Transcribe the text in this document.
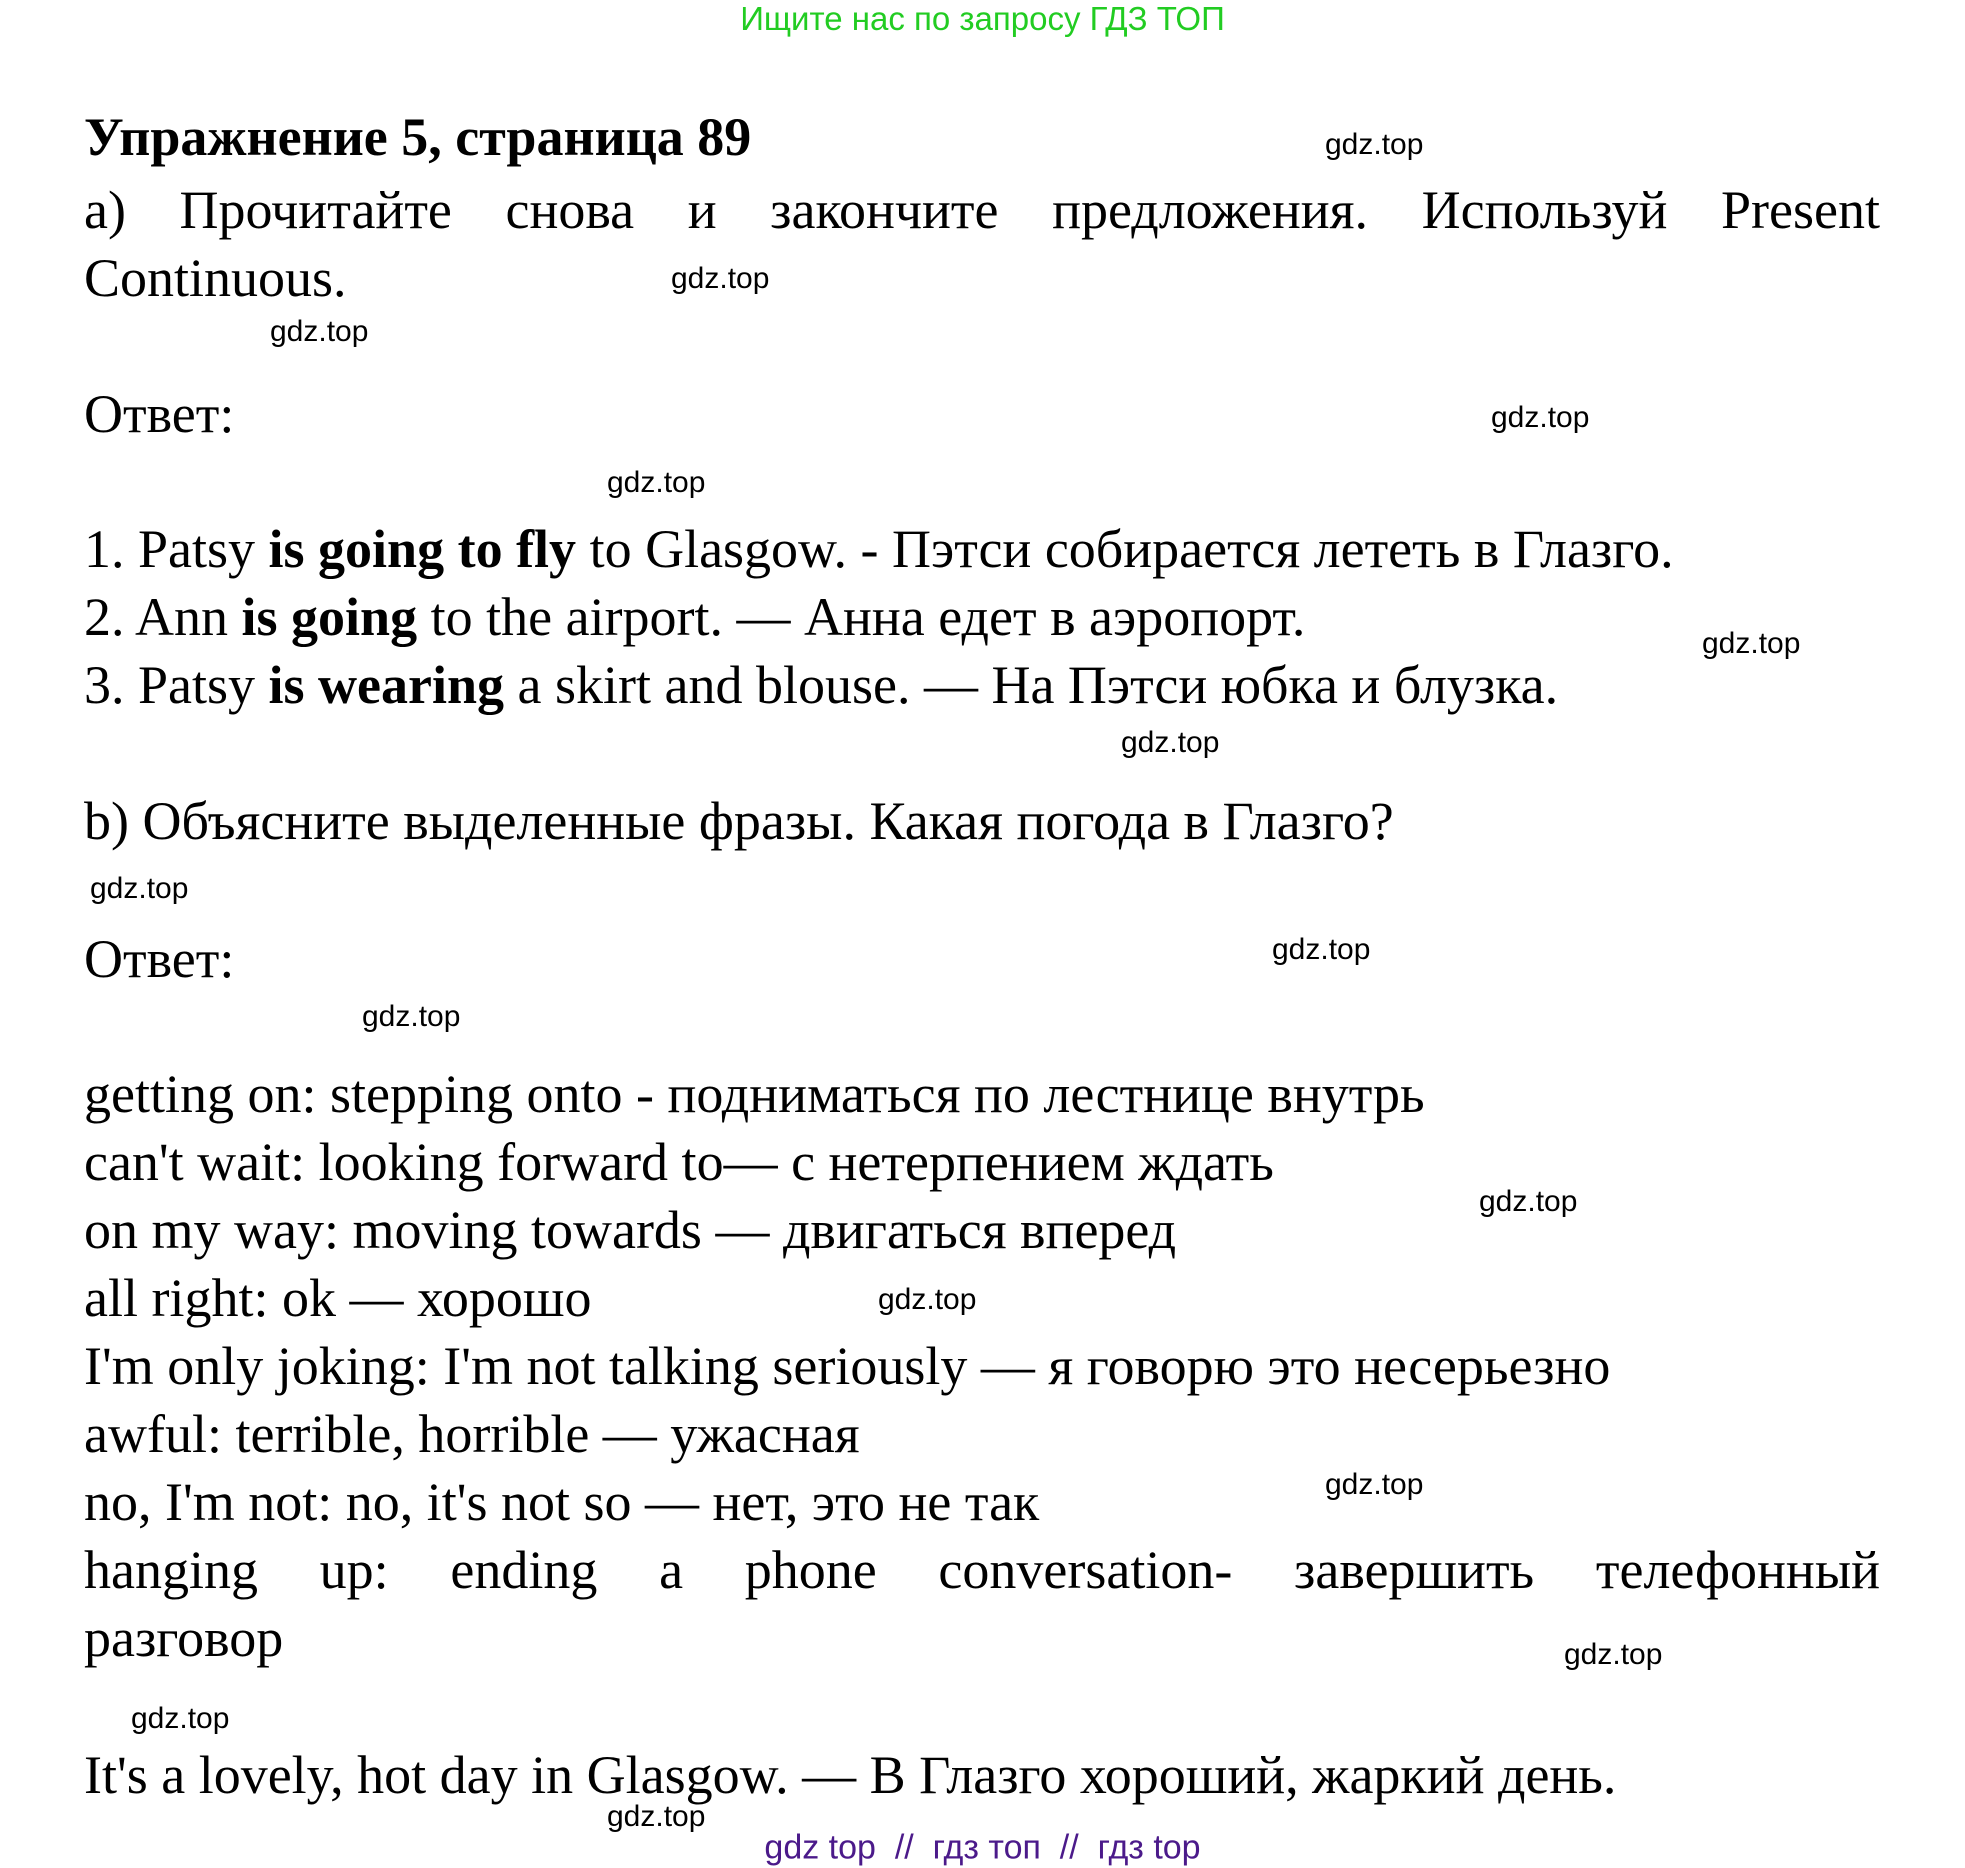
Ищите нас по запросу ГДЗ ТОП
Упражнение 5, страница 89
a) Прочитайте снова и закончите предложения. Используй Present
Continuous.
Ответ:
1. Patsy is going to fly to Glasgow. - Пэтси собирается лететь в Глазго.
2. Ann is going to the airport. — Анна едет в аэропорт.
3. Patsy is wearing a skirt and blouse. — На Пэтси юбка и блузка.
b) Объясните выделенные фразы. Какая погода в Глазго?
Ответ:
getting on: stepping onto - подниматься по лестнице внутрь
can't wait: looking forward to— с нетерпением ждать
on my way: moving towards — двигаться вперед
all right: ok — хорошо
I'm only joking: I'm not talking seriously — я говорю это несерьезно
awful: terrible, horrible — ужасная
no, I'm not: no, it's not so — нет, это не так
hanging up: ending a phone conversation- завершить телефонный
разговор
It's a lovely, hot day in Glasgow. — В Глазго хороший, жаркий день.
gdz.top
gdz.top
gdz.top
gdz.top
gdz.top
gdz.top
gdz.top
gdz.top
gdz.top
gdz.top
gdz.top
gdz.top
gdz.top
gdz.top
gdz.top
gdz.top
gdz top  //  гдз топ  //  гдз top
